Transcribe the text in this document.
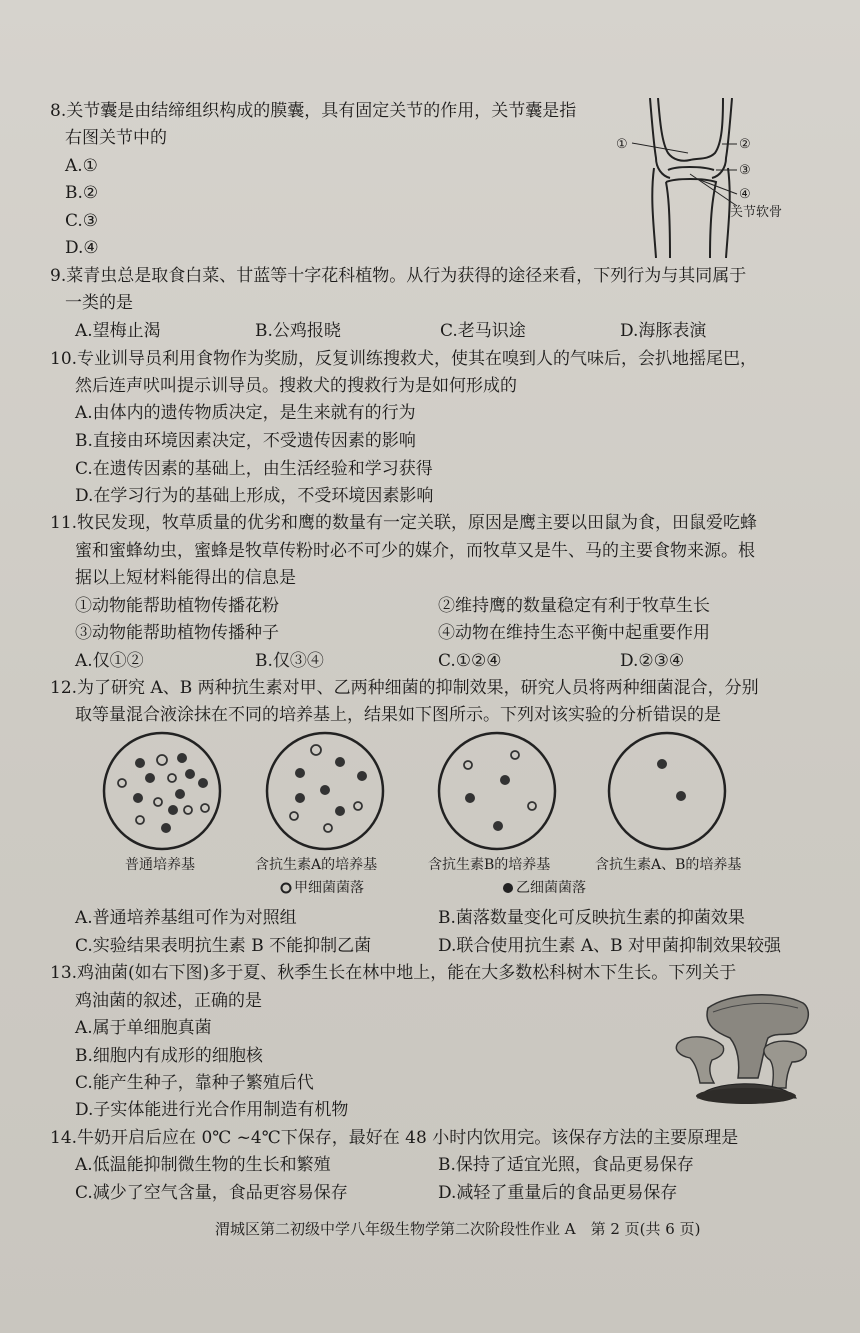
8.关节囊是由结缔组织构成的膜囊，具有固定关节的作用，关节囊是指
右图关节中的
A.①
B.②
C.③
D.④
①	②
③
④
关节软骨
9.菜青虫总是取食白菜、甘蓝等十字花科植物。从行为获得的途径来看，下列行为与其同属于
一类的是
A.望梅止渴	B.公鸡报晓	C.老马识途	D.海豚表演
10.专业训导员利用食物作为奖励，反复训练搜救犬，使其在嗅到人的气味后，会扒地摇尾巴，
然后连声吠叫提示训导员。搜救犬的搜救行为是如何形成的
A.由体内的遗传物质决定，是生来就有的行为
B.直接由环境因素决定，不受遗传因素的影响
C.在遗传因素的基础上，由生活经验和学习获得
D.在学习行为的基础上形成，不受环境因素影响
11.牧民发现，牧草质量的优劣和鹰的数量有一定关联，原因是鹰主要以田鼠为食，田鼠爱吃蜂
蜜和蜜蜂幼虫，蜜蜂是牧草传粉时必不可少的媒介，而牧草又是牛、马的主要食物来源。根
据以上短材料能得出的信息是
①动物能帮助植物传播花粉	②维持鹰的数量稳定有利于牧草生长
③动物能帮助植物传播种子	④动物在维持生态平衡中起重要作用
A.仅①②	B.仅③④	C.①②④	D.②③④
12.为了研究 A、B 两种抗生素对甲、乙两种细菌的抑制效果，研究人员将两种细菌混合，分别
取等量混合液涂抹在不同的培养基上，结果如下图所示。下列对该实验的分析错误的是
普通培养基	含抗生素A的培养基	含抗生素B的培养基	含抗生素A、B的培养基
甲细菌菌落	乙细菌菌落
A.普通培养基组可作为对照组	B.菌落数量变化可反映抗生素的抑菌效果
C.实验结果表明抗生素 B 不能抑制乙菌	D.联合使用抗生素 A、B 对甲菌抑制效果较强
13.鸡油菌(如右下图)多于夏、秋季生长在林中地上，能在大多数松科树木下生长。下列关于
鸡油菌的叙述，正确的是
A.属于单细胞真菌
B.细胞内有成形的细胞核
C.能产生种子，靠种子繁殖后代
D.子实体能进行光合作用制造有机物
14.牛奶开启后应在 0℃ ~4℃下保存，最好在 48 小时内饮用完。该保存方法的主要原理是
A.低温能抑制微生物的生长和繁殖	B.保持了适宜光照，食品更易保存
C.减少了空气含量，食品更容易保存	D.减轻了重量后的食品更易保存
渭城区第二初级中学八年级生物学第二次阶段性作业 A　第 2 页(共 6 页)
